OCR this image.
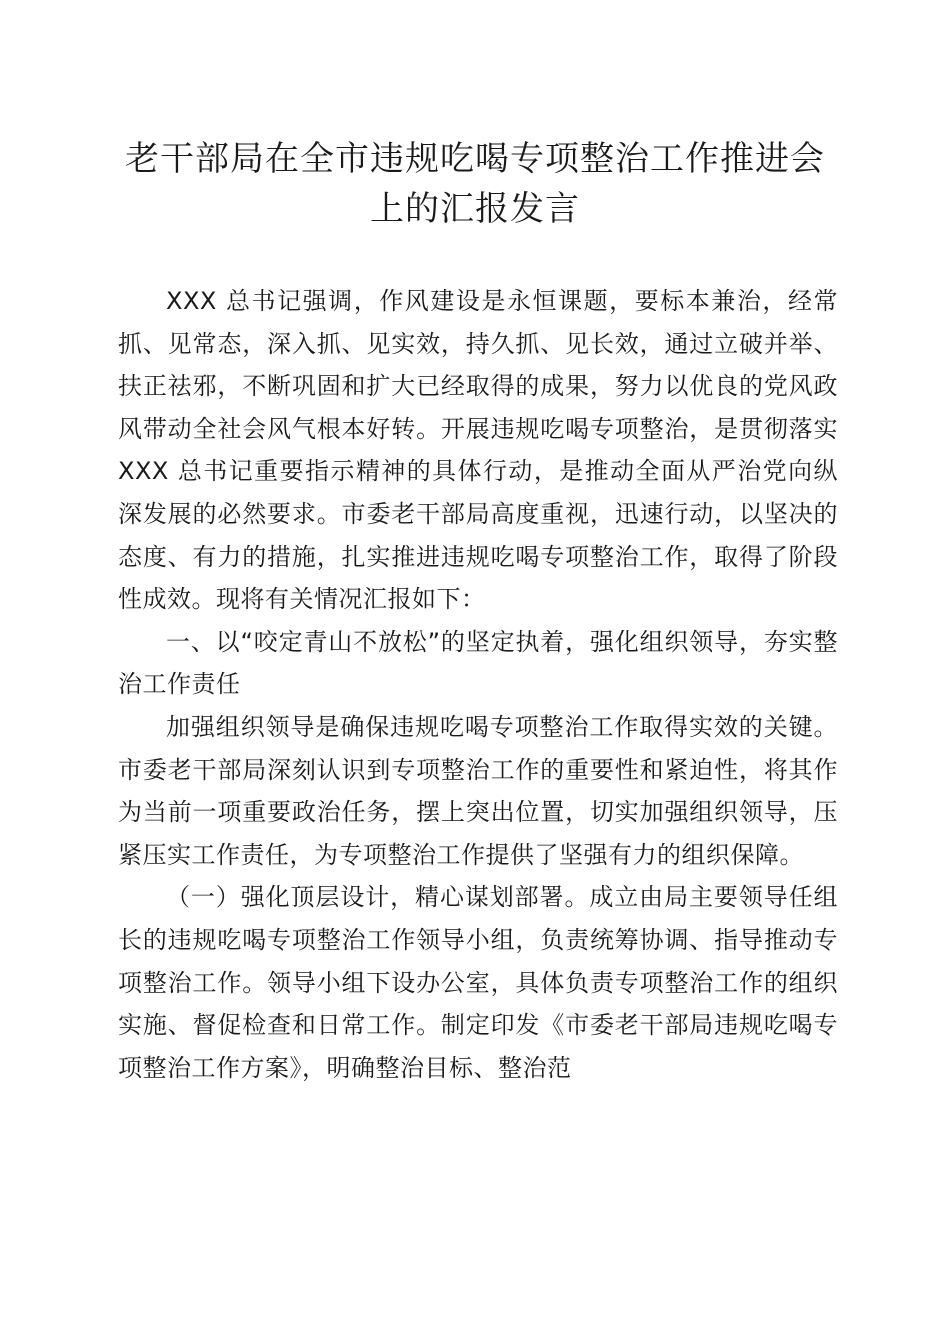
老干部局在全市违规吃喝专项整治工作推进会
上的汇报发言

XXX 总书记强调，作风建设是永恒课题，要标本兼治，经常抓、见常态，深入抓、见实效，持久抓、见长效，通过立破并举、扶正祛邪，不断巩固和扩大已经取得的成果，努力以优良的党风政风带动全社会风气根本好转。开展违规吃喝专项整治，是贯彻落实 XXX 总书记重要指示精神的具体行动，是推动全面从严治党向纵深发展的必然要求。市委老干部局高度重视，迅速行动，以坚决的态度、有力的措施，扎实推进违规吃喝专项整治工作，取得了阶段性成效。现将有关情况汇报如下：

一、以“咬定青山不放松”的坚定执着，强化组织领导，夯实整治工作责任

加强组织领导是确保违规吃喝专项整治工作取得实效的关键。市委老干部局深刻认识到专项整治工作的重要性和紧迫性，将其作为当前一项重要政治任务，摆上突出位置，切实加强组织领导，压紧压实工作责任，为专项整治工作提供了坚强有力的组织保障。

（一）强化顶层设计，精心谋划部署。成立由局主要领导任组长的违规吃喝专项整治工作领导小组，负责统筹协调、指导推动专项整治工作。领导小组下设办公室，具体负责专项整治工作的组织实施、督促检查和日常工作。制定印发《市委老干部局违规吃喝专项整治工作方案》，明确整治目标、整治范
